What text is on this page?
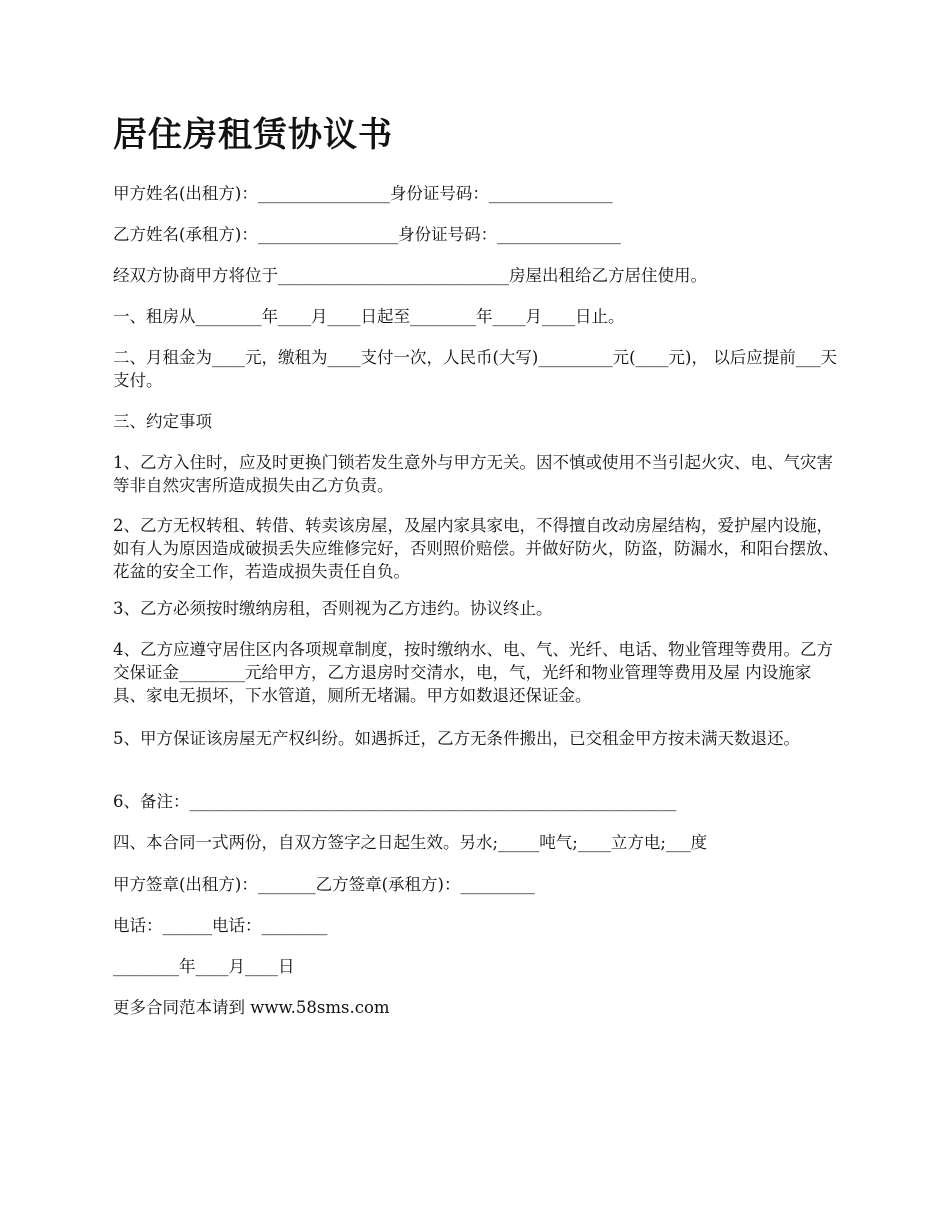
居住房租赁协议书

甲方姓名(出租方)：________________身份证号码：_______________

乙方姓名(承租方)：_________________身份证号码：_______________

经双方协商甲方将位于____________________________房屋出租给乙方居住使用。

一、租房从________年____月____日起至________年____月____日止。

二、月租金为____元，缴租为____支付一次，人民币(大写)_________元(____元)， 以后应提前___天支付。

三、约定事项

1、乙方入住时，应及时更换门锁若发生意外与甲方无关。因不慎或使用不当引起火灾、电、气灾害等非自然灾害所造成损失由乙方负责。

2、乙方无权转租、转借、转卖该房屋，及屋内家具家电，不得擅自改动房屋结构，爱护屋内设施，如有人为原因造成破损丢失应维修完好，否则照价赔偿。并做好防火，防盗，防漏水，和阳台摆放、花盆的安全工作，若造成损失责任自负。

3、乙方必须按时缴纳房租，否则视为乙方违约。协议终止。

4、乙方应遵守居住区内各项规章制度，按时缴纳水、电、气、光纤、电话、物业管理等费用。乙方交保证金________元给甲方，乙方退房时交清水，电，气，光纤和物业管理等费用及屋 内设施家具、家电无损坏，下水管道，厕所无堵漏。甲方如数退还保证金。

5、甲方保证该房屋无产权纠纷。如遇拆迁，乙方无条件搬出，已交租金甲方按未满天数退还。

6、备注：___________________________________________________________

四、本合同一式两份，自双方签字之日起生效。另水;_____吨气;____立方电;___度

甲方签章(出租方)：_______乙方签章(承租方)：_________

电话：______电话：________

________年____月____日

更多合同范本请到 www.58sms.com
